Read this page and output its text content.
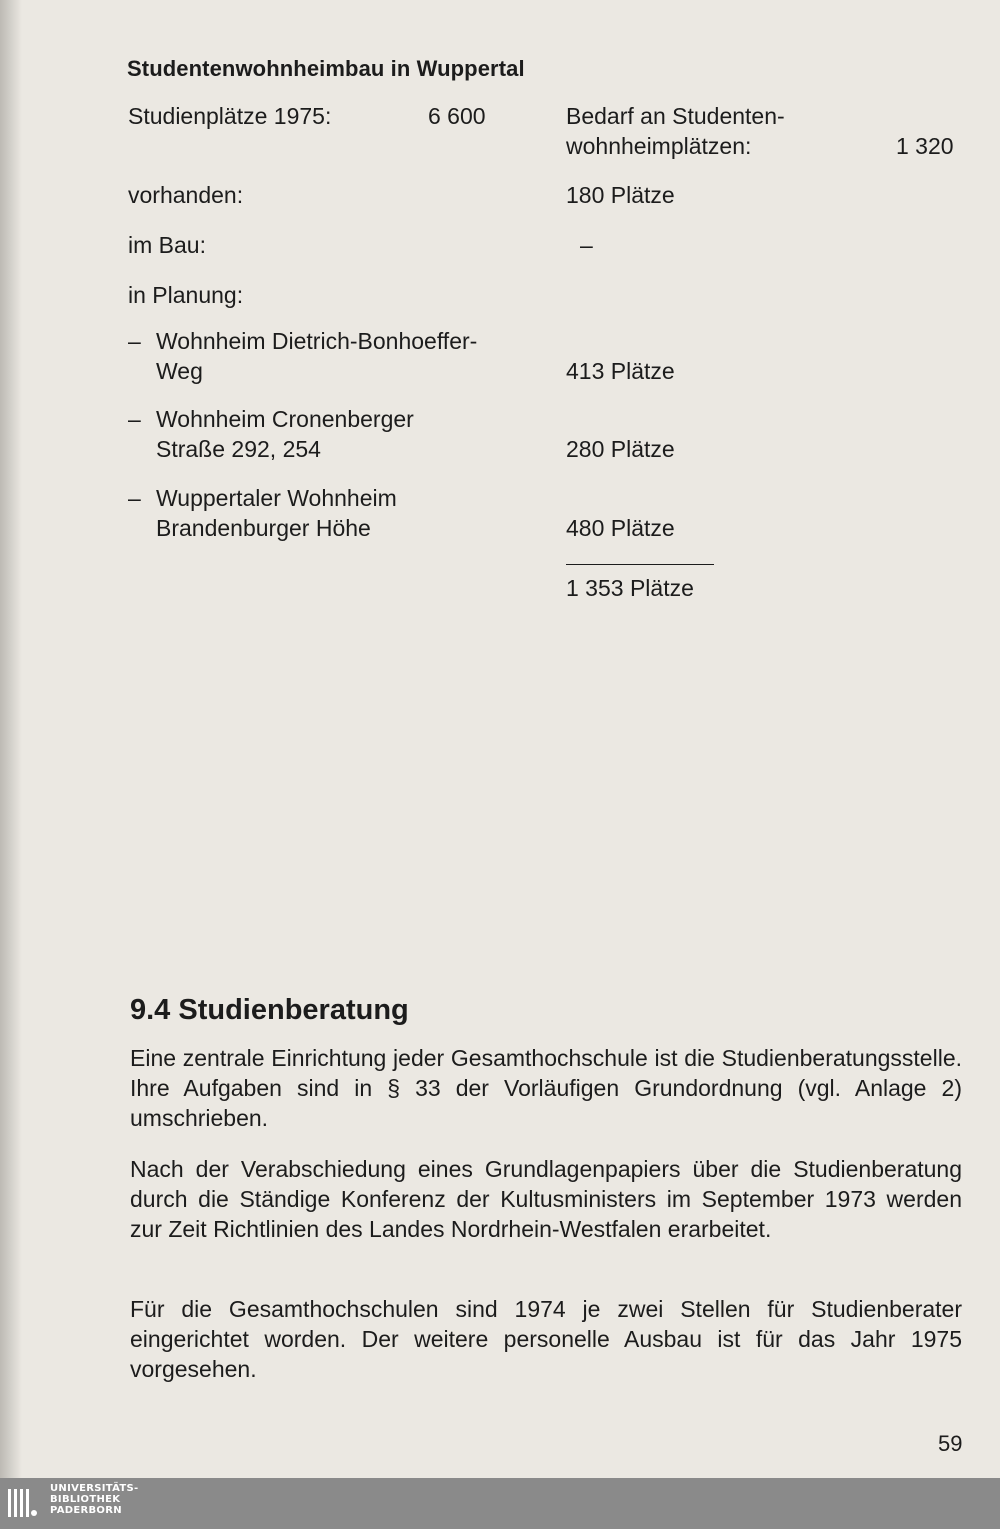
Studentenwohnheimbau in Wuppertal
Studienplätze 1975:	6 600	Bedarf an Studenten-
wohnheimplätzen:	1 320
vorhanden:	180 Plätze
im Bau:	–
in Planung:
– Wohnheim Dietrich-Bonhoeffer-
Weg	413 Plätze
– Wohnheim Cronenberger
Straße 292, 254	280 Plätze
– Wuppertaler Wohnheim
Brandenburger Höhe	480 Plätze
1 353 Plätze
9.4 Studienberatung
Eine zentrale Einrichtung jeder Gesamthochschule ist die Studienberatungsstelle. Ihre Aufgaben sind in § 33 der Vorläufigen Grundordnung (vgl. Anlage 2) umschrieben.
Nach der Verabschiedung eines Grundlagenpapiers über die Studienberatung durch die Ständige Konferenz der Kultusministers im September 1973 werden zur Zeit Richtlinien des Landes Nordrhein-Westfalen erarbeitet.
Für die Gesamthochschulen sind 1974 je zwei Stellen für Studienberater eingerichtet worden. Der weitere personelle Ausbau ist für das Jahr 1975 vorgesehen.
59
UNIVERSITÄTS-
BIBLIOTHEK
PADERBORN
